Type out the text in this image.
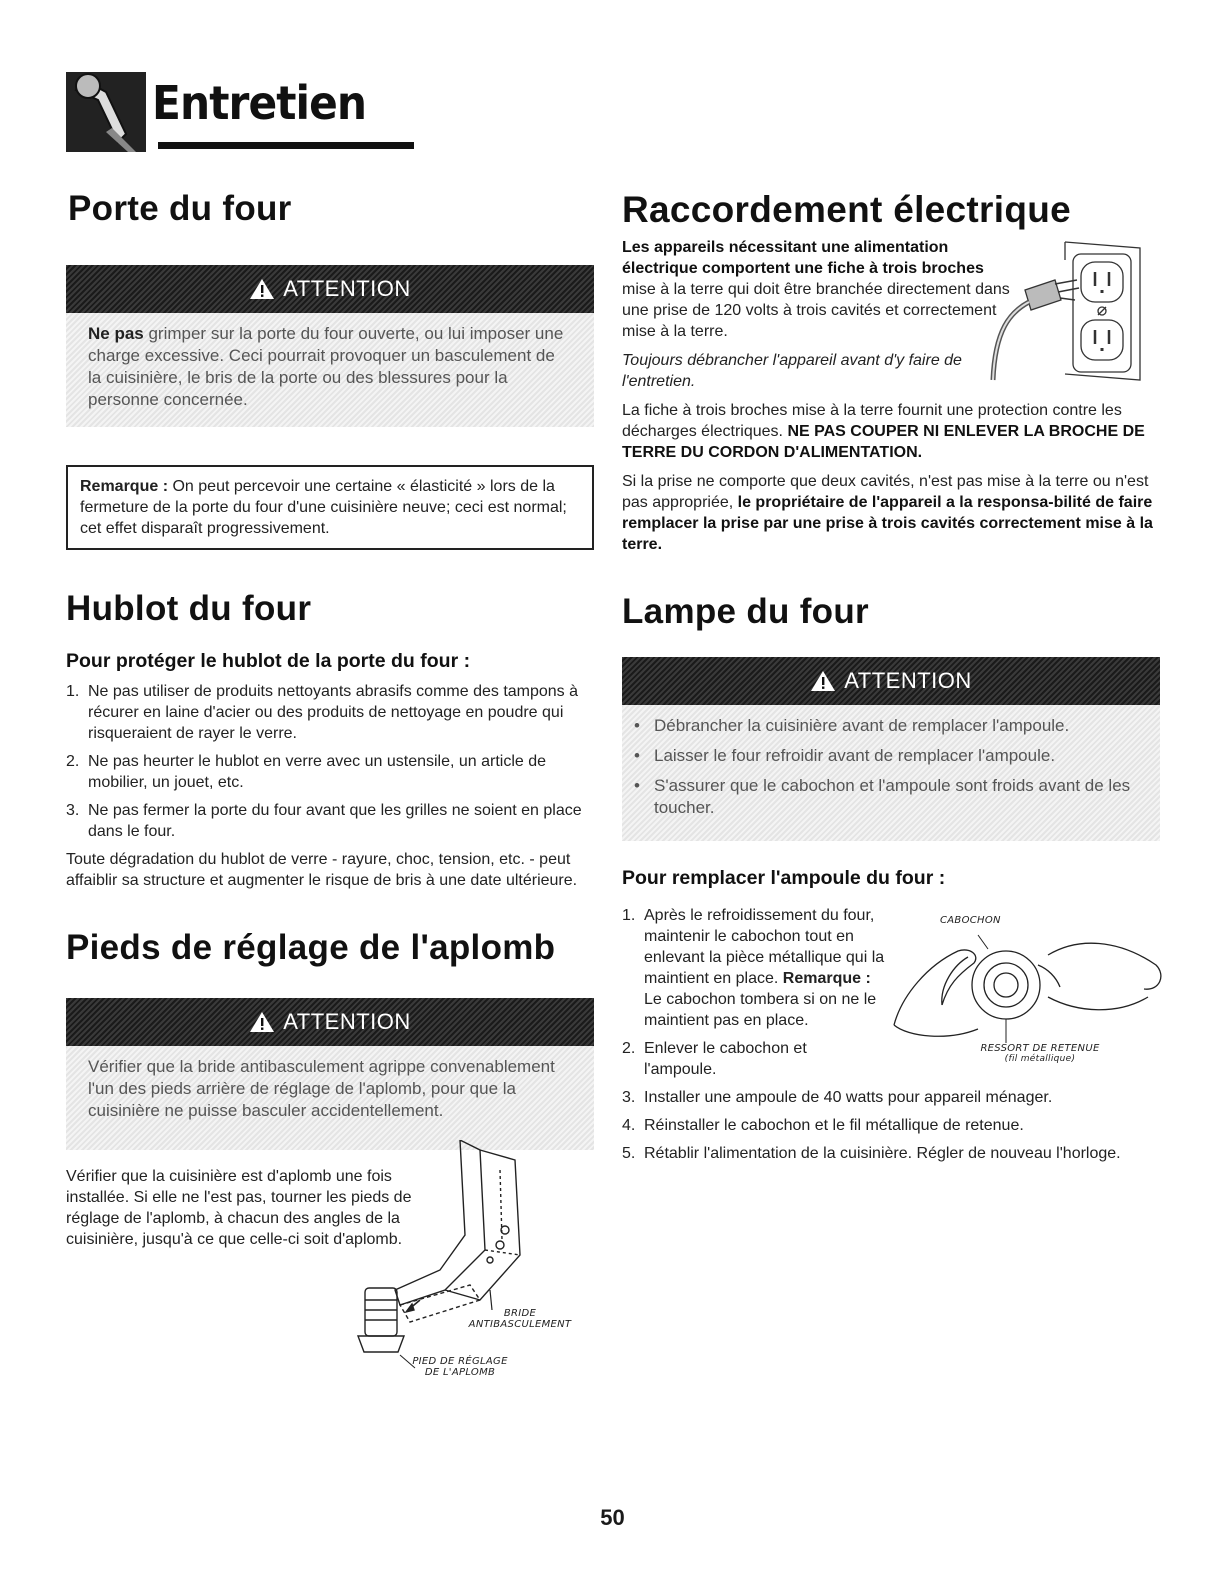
Entretien
Porte du four
ATTENTION
Ne pas grimper sur la porte du four ouverte, ou lui imposer une charge excessive. Ceci pourrait provoquer un basculement de la cuisinière, le bris de la porte ou des blessures pour la personne concernée.
Remarque : On peut percevoir une certaine « élasticité » lors de la fermeture de la porte du four d'une cuisinière neuve; ceci est normal; cet effet disparaît progressivement.
Hublot du four
Pour protéger le hublot de la porte du four :
1. Ne pas utiliser de produits nettoyants abrasifs comme des tampons à récurer en laine d'acier ou des produits de nettoyage en poudre qui risqueraient de rayer le verre.
2. Ne pas heurter le hublot en verre avec un ustensile, un article de mobilier, un jouet, etc.
3. Ne pas fermer la porte du four avant que les grilles ne soient en place dans le four.

Toute dégradation du hublot de verre - rayure, choc, tension, etc. - peut affaiblir sa structure et augmenter le risque de bris à une date ultérieure.

Pieds de réglage de l'aplomb
ATTENTION
Vérifier que la bride antibasculement agrippe convenablement l'un des pieds arrière de réglage de l'aplomb, pour que la cuisinière ne puisse basculer accidentellement.

Vérifier que la cuisinière est d'aplomb une fois installée. Si elle ne l'est pas, tourner les pieds de réglage de l'aplomb, à chacun des angles de la cuisinière, jusqu'à ce que celle-ci soit d'aplomb.

BRIDE
ANTIBASCULEMENT
PIED DE RÉGLAGE
DE L'APLOMB
Raccordement électrique

Les appareils nécessitant une alimentation électrique comportent une fiche à trois broches mise à la terre qui doit être branchée directement dans une prise de 120 volts à trois cavités et correctement mise à la terre.

Toujours débrancher l'appareil avant d'y faire de l'entretien.

La fiche à trois broches mise à la terre fournit une protection contre les décharges électriques. NE PAS COUPER NI ENLEVER LA BROCHE DE TERRE DU CORDON D'ALIMENTATION.

Si la prise ne comporte que deux cavités, n'est pas mise à la terre ou n'est pas appropriée, le propriétaire de l'appareil a la responsa-bilité de faire remplacer la prise par une prise à trois cavités correctement mise à la terre.

Lampe du four
ATTENTION
• Débrancher la cuisinière avant de remplacer l'ampoule.
• Laisser le four refroidir avant de remplacer l'ampoule.
• S'assurer que le cabochon et l'ampoule sont froids avant de les toucher.
Pour remplacer l'ampoule du four :
1. Après le refroidissement du four, maintenir le cabochon tout en enlevant la pièce métallique qui la maintient en place. Remarque : Le cabochon tombera si on ne le maintient pas en place.
2. Enlever le cabochon et l'ampoule.
3. Installer une ampoule de 40 watts pour appareil ménager.
4. Réinstaller le cabochon et le fil métallique de retenue.
5. Rétablir l'alimentation de la cuisinière. Régler de nouveau l'horloge.
CABOCHON
RESSORT DE RETENUE
(fil métallique)
50
